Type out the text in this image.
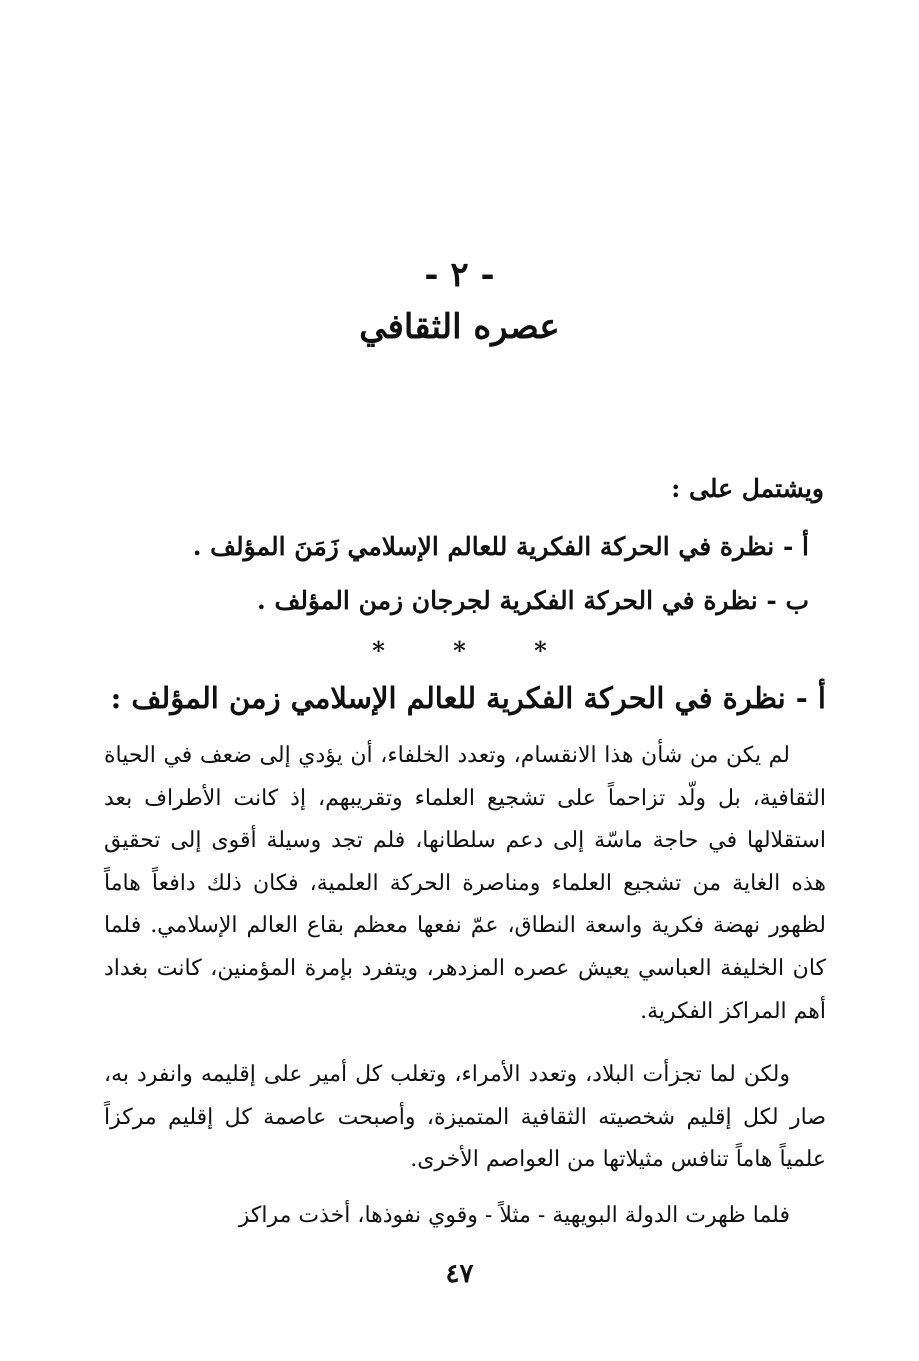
- ٢ -
عصره الثقافي
ويشتمل على :
أ - نظرة في الحركة الفكرية للعالم الإسلامي زَمَنَ المؤلف .
ب - نظرة في الحركة الفكرية لجرجان زمن المؤلف .
* * *
أ - نظرة في الحركة الفكرية للعالم الإسلامي زمن المؤلف :

لم يكن من شأن هذا الانقسام، وتعدد الخلفاء، أن يؤدي إلى ضعف في الحياة الثقافية، بل ولّد تزاحماً على تشجيع العلماء وتقريبهم، إذ كانت الأطراف بعد استقلالها في حاجة ماسّة إلى دعم سلطانها، فلم تجد وسيلة أقوى إلى تحقيق هذه الغاية من تشجيع العلماء ومناصرة الحركة العلمية، فكان ذلك دافعاً هاماً لظهور نهضة فكرية واسعة النطاق، عمّ نفعها معظم بقاع العالم الإسلامي. فلما كان الخليفة العباسي يعيش عصره المزدهر، ويتفرد بإمرة المؤمنين، كانت بغداد أهم المراكز الفكرية.

ولكن لما تجزأت البلاد، وتعدد الأمراء، وتغلب كل أمير على إقليمه وانفرد به، صار لكل إقليم شخصيته الثقافية المتميزة، وأصبحت عاصمة كل إقليم مركزاً علمياً هاماً تنافس مثيلاتها من العواصم الأخرى.

فلما ظهرت الدولة البويهية - مثلاً - وقوي نفوذها، أخذت مراكز

٤٧
